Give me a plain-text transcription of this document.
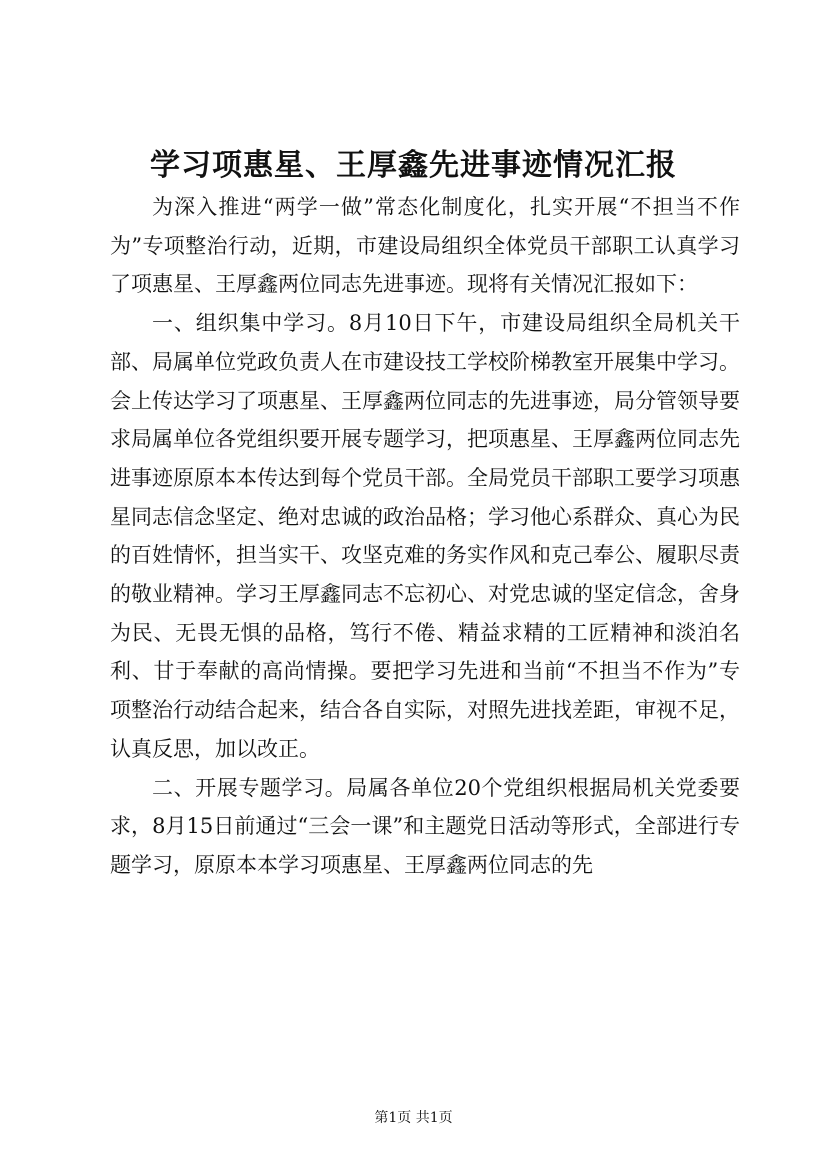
学习项惠星、王厚鑫先进事迹情况汇报

为深入推进“两学一做”常态化制度化，扎实开展“不担当不作为”专项整治行动，近期，市建设局组织全体党员干部职工认真学习了项惠星、王厚鑫两位同志先进事迹。现将有关情况汇报如下：

一、组织集中学习。8月10日下午，市建设局组织全局机关干部、局属单位党政负责人在市建设技工学校阶梯教室开展集中学习。会上传达学习了项惠星、王厚鑫两位同志的先进事迹，局分管领导要求局属单位各党组织要开展专题学习，把项惠星、王厚鑫两位同志先进事迹原原本本传达到每个党员干部。全局党员干部职工要学习项惠星同志信念坚定、绝对忠诚的政治品格；学习他心系群众、真心为民的百姓情怀，担当实干、攻坚克难的务实作风和克己奉公、履职尽责的敬业精神。学习王厚鑫同志不忘初心、对党忠诚的坚定信念，舍身为民、无畏无惧的品格，笃行不倦、精益求精的工匠精神和淡泊名利、甘于奉献的高尚情操。要把学习先进和当前“不担当不作为”专项整治行动结合起来，结合各自实际，对照先进找差距，审视不足，认真反思，加以改正。

二、开展专题学习。局属各单位20个党组织根据局机关党委要求，8月15日前通过“三会一课”和主题党日活动等形式，全部进行专题学习，原原本本学习项惠星、王厚鑫两位同志的先

第1页 共1页
